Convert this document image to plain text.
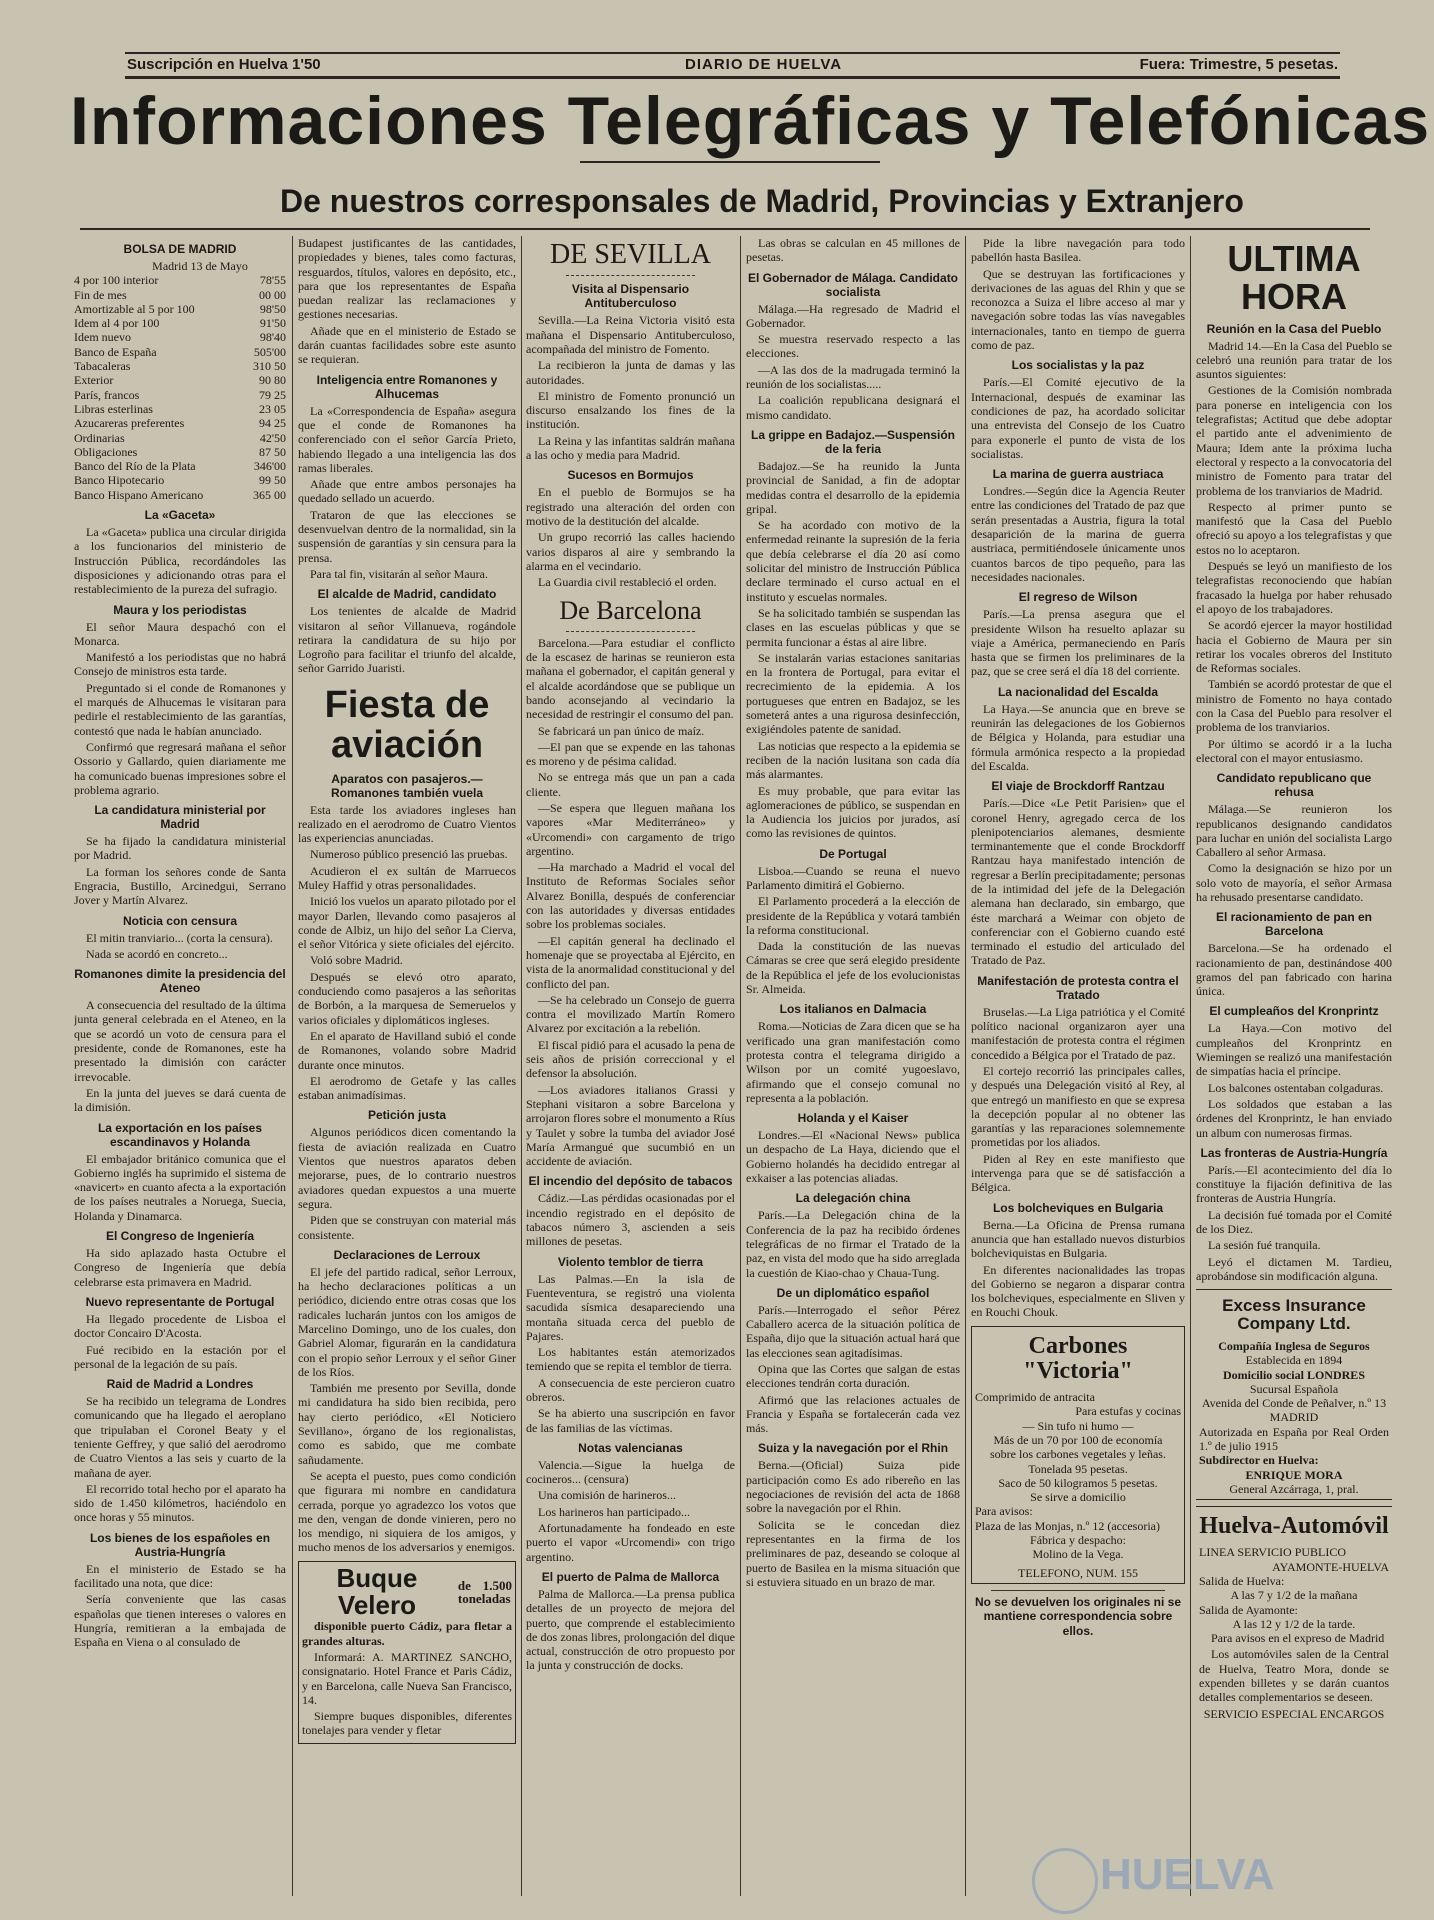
Suscripción en Huelva 1'50	DIARIO DE HUELVA	Fuera: Trimestre, 5 pesetas.
Informaciones Telegráficas y Telefónicas
De nuestros corresponsales de Madrid, Provincias y Extranjero
BOLSA DE MADRID
Madrid 13 de Mayo
4 por 100 interior	78'55
Fin de mes	00 00
Amortizable al 5 por 100	98'50
Idem al 4 por 100	91'50
Idem nuevo	98'40
Banco de España	505'00
Tabacaleras	310 50
Exterior	90 80
París, francos	79 25
Libras esterlinas	23 05
Azucareras preferentes	94 25
Ordinarias	42'50
Obligaciones	87 50
Banco del Río de la Plata	346'00
Banco Hipotecario	99 50
Banco Hispano Americano	365 00
La «Gaceta»

La «Gaceta» publica una circular dirigida a los funcionarios del ministerio de Instrucción Pública, recordándoles las disposiciones y adicionando otras para el restablecimiento de la pureza del sufragio.

Maura y los periodistas

El señor Maura despachó con el Monarca.

Manifestó a los periodistas que no habrá Consejo de ministros esta tarde.

Preguntado si el conde de Romanones y el marqués de Alhucemas le visitaran para pedirle el restablecimiento de las garantías, contestó que nada le habían anunciado.

Confirmó que regresará mañana el señor Ossorio y Gallardo, quien diariamente me ha comunicado buenas impresiones sobre el problema agrario.

La candidatura ministerial por Madrid

Se ha fijado la candidatura ministerial por Madrid.

La forman los señores conde de Santa Engracia, Bustillo, Arcinedgui, Serrano Jover y Martín Alvarez.

Noticia con censura

El mitin tranviario... (corta la censura).

Nada se acordó en concreto...

Romanones dimite la presidencia del Ateneo

A consecuencia del resultado de la última junta general celebrada en el Ateneo, en la que se acordó un voto de censura para el presidente, conde de Romanones, este ha presentado la dimisión con carácter irrevocable.

En la junta del jueves se dará cuenta de la dimisión.

La exportación en los países escandinavos y Holanda

El embajador británico comunica que el Gobierno inglés ha suprimido el sistema de «navicert» en cuanto afecta a la exportación de los países neutrales a Noruega, Suecia, Holanda y Dinamarca.

El Congreso de Ingeniería

Ha sido aplazado hasta Octubre el Congreso de Ingeniería que debía celebrarse esta primavera en Madrid.

Nuevo representante de Portugal

Ha llegado procedente de Lisboa el doctor Concairo D'Acosta.

Fué recibido en la estación por el personal de la legación de su país.

Raid de Madrid a Londres

Se ha recibido un telegrama de Londres comunicando que ha llegado el aeroplano que tripulaban el Coronel Beaty y el teniente Geffrey, y que salió del aerodromo de Cuatro Vientos a las seis y cuarto de la mañana de ayer.

El recorrido total hecho por el aparato ha sido de 1.450 kilómetros, haciéndolo en once horas y 55 minutos.

Los bienes de los españoles en Austria-Hungría

En el ministerio de Estado se ha facilitado una nota, que dice:

Sería conveniente que las casas españolas que tienen intereses o valores en Hungría, remitieran a la embajada de España en Viena o al consulado de

Budapest justificantes de las cantidades, propiedades y bienes, tales como facturas, resguardos, títulos, valores en depósito, etc., para que los representantes de España puedan realizar las reclamaciones y gestiones necesarias.

Añade que en el ministerio de Estado se darán cuantas facilidades sobre este asunto se requieran.

Inteligencia entre Romanones y Alhucemas

La «Correspondencia de España» asegura que el conde de Romanones ha conferenciado con el señor García Prieto, habiendo llegado a una inteligencia las dos ramas liberales.

Añade que entre ambos personajes ha quedado sellado un acuerdo.

Trataron de que las elecciones se desenvuelvan dentro de la normalidad, sin la suspensión de garantías y sin censura para la prensa.

Para tal fin, visitarán al señor Maura.

El alcalde de Madrid, candidato

Los tenientes de alcalde de Madrid visitaron al señor Villanueva, rogándole retirara la candidatura de su hijo por Logroño para facilitar el triunfo del alcalde, señor Garrido Juaristi.

Fiesta de aviación
Aparatos con pasajeros.—Romanones también vuela

Esta tarde los aviadores ingleses han realizado en el aerodromo de Cuatro Vientos las experiencias anunciadas.

Numeroso público presenció las pruebas.

Acudieron el ex sultán de Marruecos Muley Haffid y otras personalidades.

Inició los vuelos un aparato pilotado por el mayor Darlen, llevando como pasajeros al conde de Albiz, un hijo del señor La Cierva, el señor Vitórica y siete oficiales del ejército.

Voló sobre Madrid.

Después se elevó otro aparato, conduciendo como pasajeros a las señoritas de Borbón, a la marquesa de Semeruelos y varios oficiales y diplomáticos ingleses.

En el aparato de Havilland subió el conde de Romanones, volando sobre Madrid durante once minutos.

El aerodromo de Getafe y las calles estaban animadísimas.

Petición justa

Algunos periódicos dicen comentando la fiesta de aviación realizada en Cuatro Vientos que nuestros aparatos deben mejorarse, pues, de lo contrario nuestros aviadores quedan expuestos a una muerte segura.

Piden que se construyan con material más consistente.

Declaraciones de Lerroux

El jefe del partido radical, señor Lerroux, ha hecho declaraciones políticas a un periódico, diciendo entre otras cosas que los radicales lucharán juntos con los amigos de Marcelino Domingo, uno de los cuales, don Gabriel Alomar, figurarán en la candidatura con el propio señor Lerroux y el señor Giner de los Ríos.

También me presento por Sevilla, donde mi candidatura ha sido bien recibida, pero hay cierto periódico, «El Noticiero Sevillano», órgano de los regionalistas, como es sabido, que me combate sañudamente.

Se acepta el puesto, pues como condición que figurara mi nombre en candidatura cerrada, porque yo agradezco los votos que me den, vengan de donde vinieren, pero no los mendigo, ni siquiera de los amigos, y mucho menos de los adversarios y enemigos.

Buque Velero
de 1.500 toneladas

disponible puerto Cádiz, para fletar a grandes alturas.

Informará: A. MARTINEZ SANCHO, consignatario. Hotel France et Paris Cádiz, y en Barcelona, calle Nueva San Francisco, 14.

Siempre buques disponibles, diferentes tonelajes para vender y fletar

DE SEVILLA
Visita al Dispensario Antituberculoso

Sevilla.—La Reina Victoria visitó esta mañana el Dispensario Antituberculoso, acompañada del ministro de Fomento.

La recibieron la junta de damas y las autoridades.

El ministro de Fomento pronunció un discurso ensalzando los fines de la institución.

La Reina y las infantitas saldrán mañana a las ocho y media para Madrid.

Sucesos en Bormujos

En el pueblo de Bormujos se ha registrado una alteración del orden con motivo de la destitución del alcalde.

Un grupo recorrió las calles haciendo varios disparos al aire y sembrando la alarma en el vecindario.

La Guardia civil restableció el orden.

De Barcelona

Barcelona.—Para estudiar el conflicto de la escasez de harinas se reunieron esta mañana el gobernador, el capitán general y el alcalde acordándose que se publique un bando aconsejando al vecindario la necesidad de restringir el consumo del pan.

Se fabricará un pan único de maíz.

—El pan que se expende en las tahonas es moreno y de pésima calidad.

No se entrega más que un pan a cada cliente.

—Se espera que lleguen mañana los vapores «Mar Mediterráneo» y «Urcomendi» con cargamento de trigo argentino.

—Ha marchado a Madrid el vocal del Instituto de Reformas Sociales señor Alvarez Bonilla, después de conferenciar con las autoridades y diversas entidades sobre los problemas sociales.

—El capitán general ha declinado el homenaje que se proyectaba al Ejército, en vista de la anormalidad constitucional y del conflicto del pan.

—Se ha celebrado un Consejo de guerra contra el movilizado Martín Romero Alvarez por excitación a la rebelión.

El fiscal pidió para el acusado la pena de seis años de prisión correccional y el defensor la absolución.

—Los aviadores italianos Grassi y Stephani visitaron a sobre Barcelona y arrojaron flores sobre el monumento a Ríus y Taulet y sobre la tumba del aviador José María Armangué que sucumbió en un accidente de aviación.

El incendio del depósito de tabacos

Cádiz.—Las pérdidas ocasionadas por el incendio registrado en el depósito de tabacos número 3, ascienden a seis millones de pesetas.

Violento temblor de tierra

Las Palmas.—En la isla de Fuenteventura, se registró una violenta sacudida sísmica desapareciendo una montaña situada cerca del pueblo de Pajares.

Los habitantes están atemorizados temiendo que se repita el temblor de tierra.

A consecuencia de este percieron cuatro obreros.

Se ha abierto una suscripción en favor de las familias de las víctimas.

Notas valencianas

Valencia.—Sigue la huelga de cocineros... (censura)

Una comisión de harineros...

Los harineros han participado...

Afortunadamente ha fondeado en este puerto el vapor «Urcomendi» con trigo argentino.

El puerto de Palma de Mallorca

Palma de Mallorca.—La prensa publica detalles de un proyecto de mejora del puerto, que comprende el establecimiento de dos zonas libres, prolongación del dique actual, construcción de otro propuesto por la junta y construcción de docks.

Las obras se calculan en 45 millones de pesetas.

El Gobernador de Málaga. Candidato socialista

Málaga.—Ha regresado de Madrid el Gobernador.

Se muestra reservado respecto a las elecciones.

—A las dos de la madrugada terminó la reunión de los socialistas.....

La coalición republicana designará el mismo candidato.

La grippe en Badajoz.—Suspensión de la feria

Badajoz.—Se ha reunido la Junta provincial de Sanidad, a fin de adoptar medidas contra el desarrollo de la epidemia gripal.

Se ha acordado con motivo de la enfermedad reinante la supresión de la feria que debía celebrarse el día 20 así como solicitar del ministro de Instrucción Pública declare terminado el curso actual en el instituto y escuelas normales.

Se ha solicitado también se suspendan las clases en las escuelas públicas y que se permita funcionar a éstas al aire libre.

Se instalarán varias estaciones sanitarias en la frontera de Portugal, para evitar el recrecimiento de la epidemia. A los portugueses que entren en Badajoz, se les someterá antes a una rigurosa desinfección, exigiéndoles patente de sanidad.

Las noticias que respecto a la epidemia se reciben de la nación lusitana son cada día más alarmantes.

Es muy probable, que para evitar las aglomeraciones de público, se suspendan en la Audiencia los juicios por jurados, así como las revisiones de quintos.

De Portugal

Lisboa.—Cuando se reuna el nuevo Parlamento dimitirá el Gobierno.

El Parlamento procederá a la elección de presidente de la República y votará también la reforma constitucional.

Dada la constitución de las nuevas Cámaras se cree que será elegido presidente de la República el jefe de los evolucionistas Sr. Almeida.

Los italianos en Dalmacia

Roma.—Noticias de Zara dicen que se ha verificado una gran manifestación como protesta contra el telegrama dirigido a Wilson por un comité yugoeslavo, afirmando que el consejo comunal no representa a la población.

Holanda y el Kaiser

Londres.—El «Nacional News» publica un despacho de La Haya, diciendo que el Gobierno holandés ha decidido entregar al exkaiser a las potencias aliadas.

La delegación china

París.—La Delegación china de la Conferencia de la paz ha recibido órdenes telegráficas de no firmar el Tratado de la paz, en vista del modo que ha sido arreglada la cuestión de Kiao-chao y Chaua-Tung.

De un diplomático español

París.—Interrogado el señor Pérez Caballero acerca de la situación política de España, dijo que la situación actual hará que las elecciones sean agitadísimas.

Opina que las Cortes que salgan de estas elecciones tendrán corta duración.

Afirmó que las relaciones actuales de Francia y España se fortalecerán cada vez más.

Suiza y la navegación por el Rhin

Berna.—(Oficial) Suiza pide participación como Es ado ribereño en las negociaciones de revisión del acta de 1868 sobre la navegación por el Rhin.

Solicita se le concedan diez representantes en la firma de los preliminares de paz, deseando se coloque al puerto de Basilea en la misma situación que si estuviera situado en un brazo de mar.

Pide la libre navegación para todo pabellón hasta Basilea.

Que se destruyan las fortificaciones y derivaciones de las aguas del Rhin y que se reconozca a Suiza el libre acceso al mar y navegación sobre todas las vías navegables internacionales, tanto en tiempo de guerra como de paz.

Los socialistas y la paz

París.—El Comité ejecutivo de la Internacional, después de examinar las condiciones de paz, ha acordado solicitar una entrevista del Consejo de los Cuatro para exponerle el punto de vista de los socialistas.

La marina de guerra austriaca

Londres.—Según dice la Agencia Reuter entre las condiciones del Tratado de paz que serán presentadas a Austria, figura la total desaparición de la marina de guerra austriaca, permitiéndosele únicamente unos cuantos barcos de tipo pequeño, para las necesidades nacionales.

El regreso de Wilson

París.—La prensa asegura que el presidente Wilson ha resuelto aplazar su viaje a América, permaneciendo en París hasta que se firmen los preliminares de la paz, que se cree será el día 18 del corriente.

La nacionalidad del Escalda

La Haya.—Se anuncia que en breve se reunirán las delegaciones de los Gobiernos de Bélgica y Holanda, para estudiar una fórmula armónica respecto a la propiedad del Escalda.

El viaje de Brockdorff Rantzau

París.—Dice «Le Petit Parisien» que el coronel Henry, agregado cerca de los plenipotenciarios alemanes, desmiente terminantemente que el conde Brockdorff Rantzau haya manifestado intención de regresar a Berlín precipitadamente; personas de la intimidad del jefe de la Delegación alemana han declarado, sin embargo, que éste marchará a Weimar con objeto de conferenciar con el Gobierno cuando esté terminado el estudio del articulado del Tratado de Paz.

Manifestación de protesta contra el Tratado

Bruselas.—La Liga patriótica y el Comité político nacional organizaron ayer una manifestación de protesta contra el régimen concedido a Bélgica por el Tratado de paz.

El cortejo recorrió las principales calles, y después una Delegación visitó al Rey, al que entregó un manifiesto en que se expresa la decepción popular al no obtener las garantías y las reparaciones solemnemente prometidas por los aliados.

Piden al Rey en este manifiesto que intervenga para que se dé satisfacción a Bélgica.

Los bolcheviques en Bulgaria

Berna.—La Oficina de Prensa rumana anuncia que han estallado nuevos disturbios bolcheviquistas en Bulgaria.

En diferentes nacionalidades las tropas del Gobierno se negaron a disparar contra los bolcheviques, especialmente en Sliven y en Rouchi Chouk.

Carbones "Victoria"
Comprimido de antracita
Para estufas y cocinas
— Sin tufo ni humo —
Más de un 70 por 100 de economía
sobre los carbones vegetales y leñas.
Tonelada 95 pesetas.
Saco de 50 kilogramos 5 pesetas.
Se sirve a domicilio
Para avisos:
Plaza de las Monjas, n.º 12 (accesoria)
Fábrica y despacho:
Molino de la Vega.
TELEFONO, NUM. 155

No se devuelven los originales ni se mantiene correspondencia sobre ellos.

ULTIMA HORA
Reunión en la Casa del Pueblo

Madrid 14.—En la Casa del Pueblo se celebró una reunión para tratar de los asuntos siguientes:

Gestiones de la Comisión nombrada para ponerse en inteligencia con los telegrafistas; Actitud que debe adoptar el partido ante el advenimiento de Maura; Idem ante la próxima lucha electoral y respecto a la convocatoria del ministro de Fomento para tratar del problema de los tranviarios de Madrid.

Respecto al primer punto se manifestó que la Casa del Pueblo ofreció su apoyo a los telegrafistas y que estos no lo aceptaron.

Después se leyó un manifiesto de los telegrafistas reconociendo que habían fracasado la huelga por haber rehusado el apoyo de los trabajadores.

Se acordó ejercer la mayor hostilidad hacia el Gobierno de Maura per sin retirar los vocales obreros del Instituto de Reformas sociales.

También se acordó protestar de que el ministro de Fomento no haya contado con la Casa del Pueblo para resolver el problema de los tranviarios.

Por último se acordó ir a la lucha electoral con el mayor entusiasmo.

Candidato republicano que rehusa

Málaga.—Se reunieron los republicanos designando candidatos para luchar en unión del socialista Largo Caballero al señor Armasa.

Como la designación se hizo por un solo voto de mayoría, el señor Armasa ha rehusado presentarse candidato.

El racionamiento de pan en Barcelona

Barcelona.—Se ha ordenado el racionamiento de pan, destinándose 400 gramos del pan fabricado con harina única.

El cumpleaños del Kronprintz

La Haya.—Con motivo del cumpleaños del Kronprintz en Wiemingen se realizó una manifestación de simpatías hacia el príncipe.

Los balcones ostentaban colgaduras.

Los soldados que estaban a las órdenes del Kronprintz, le han enviado un album con numerosas firmas.

Las fronteras de Austria-Hungría

París.—El acontecimiento del día lo constituye la fijación definitiva de las fronteras de Austria Hungría.

La decisión fué tomada por el Comité de los Diez.

La sesión fué tranquila.

Leyó el dictamen M. Tardieu, aprobándose sin modificación alguna.

Excess Insurance Company Ltd.
Compañía Inglesa de Seguros
Establecida en 1894
Domicilio social LONDRES
Sucursal Española
Avenida del Conde de Peñalver, n.º 13
MADRID
Autorizada en España por Real Orden 1.º de julio 1915
Subdirector en Huelva:
ENRIQUE MORA
General Azcárraga, 1, pral.
Huelva-Automóvil
LINEA SERVICIO PUBLICO
AYAMONTE-HUELVA
Salida de Huelva:
A las 7 y 1/2 de la mañana
Salida de Ayamonte:
A las 12 y 1/2 de la tarde.

Para avisos en el expreso de Madrid

Los automóviles salen de la Central de Huelva, Teatro Mora, donde se expenden billetes y se darán cuantos detalles complementarios se deseen.

SERVICIO ESPECIAL ENCARGOS
HUELVA
